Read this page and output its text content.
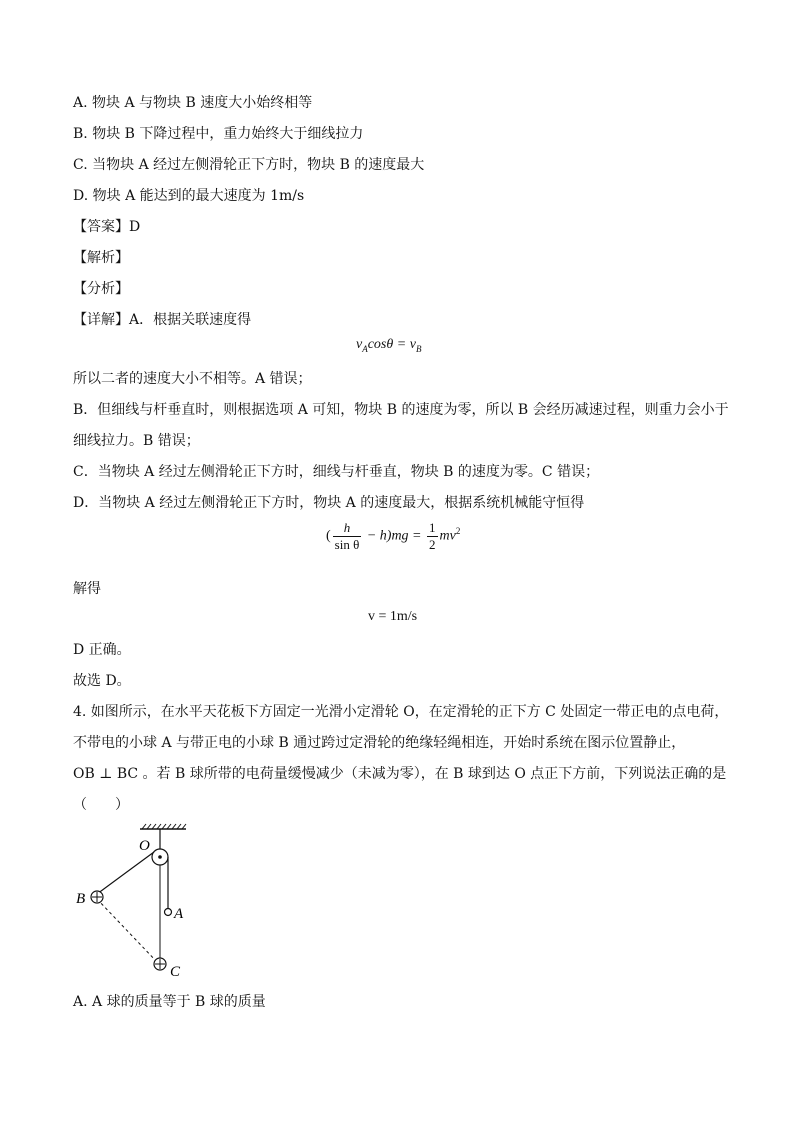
A. 物块 A 与物块 B 速度大小始终相等
B. 物块 B 下降过程中，重力始终大于细线拉力
C. 当物块 A 经过左侧滑轮正下方时，物块 B 的速度最大
D. 物块 A 能达到的最大速度为 1m/s
【答案】D
【解析】
【分析】
【详解】A．根据关联速度得
$v_A\cos\theta = v_B$
所以二者的速度大小不相等。A 错误；
B．但细线与杆垂直时，则根据选项 A 可知，物块 B 的速度为零，所以 B 会经历减速过程，则重力会小于
细线拉力。B 错误；
C．当物块 A 经过左侧滑轮正下方时，细线与杆垂直，物块 B 的速度为零。C 错误；
D．当物块 A 经过左侧滑轮正下方时，物块 A 的速度最大，根据系统机械能守恒得
( $\frac{h}{\text{sin θ}} - h)mg = \frac{1}{2} mv^2$
解得
v = 1m/s
D 正确。
故选 D。
4. 如图所示，在水平天花板下方固定一光滑小定滑轮 O，在定滑轮的正下方 C 处固定一带正电的点电荷，
不带电的小球 A 与带正电的小球 B 通过跨过定滑轮的绝缘轻绳相连，开始时系统在图示位置静止，
OB ⊥ BC 。若 B 球所带的电荷量缓慢减少（未减为零），在 B 球到达 O 点正下方前，下列说法正确的是
（　　）
O
B
A
C
A. A 球的质量等于 B 球的质量
